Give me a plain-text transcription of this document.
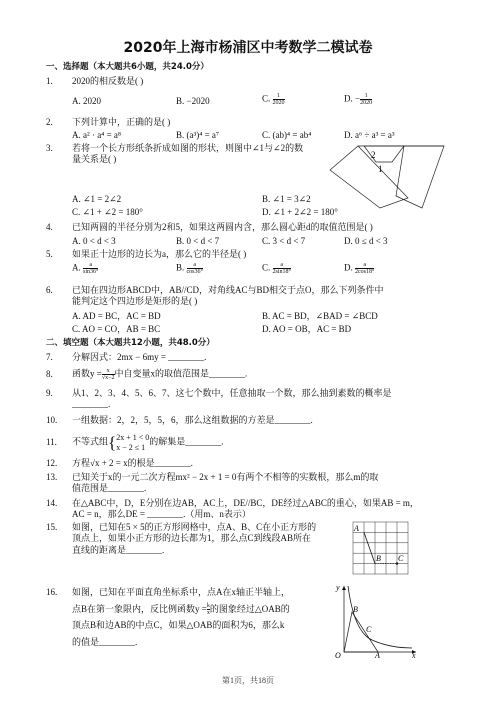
2020年上海市杨浦区中考数学二模试卷
一、选择题（本大题共6小题，共24.0分）
1. 2020的相反数是( )
A. 2020	B. −2020	C. $\frac{1}{2020}$	D. − $\frac{1}{2020}$
2. 下列计算中，正确的是( )
A. a² · a⁴ = a⁸	B. (a³)⁴ = a⁷	C. (ab)⁴ = ab⁴	D. a⁶ ÷ a³ = a³
3. 若将一个长方形纸条折成如图的形状，则图中∠1与∠2的数
量关系是( )	2
1
A. ∠1 = 2∠2	B. ∠1 = 3∠2
C. ∠1 + ∠2 = 180°	D. ∠1 + 2∠2 = 180°
4. 已知两圆的半径分别为2和5，如果这两圆内含，那么圆心距d的取值范围是( )
A. 0 < d < 3	B. 0 < d < 7	C. 3 < d < 7	D. 0 ≤ d < 3
5. 如果正十边形的边长为a，那么它的半径是( )
A. $\frac{a}{\sin 36^\circ}$	B. $\frac{a}{\cos 36^\circ}$	C. $\frac{a}{2\sin 18^\circ}$	D. $\frac{a}{2\cos 18^\circ}$
6. 已知在四边形ABCD中，AB//CD，对角线AC与BD相交于点O，那么下列条件中
能判定这个四边形是矩形的是( )
A. AD = BC，AC = BD	B. AC = BD，∠BAD = ∠BCD
C. AO = CO，AB = BC	D. AO = OB，AC = BD
二、填空题（本大题共12小题，共48.0分）
7. 分解因式：2mx − 6my = ________.
8. 函数$y = \frac{x}{√x-2}$ 中自变量x的取值范围是________.
9. 从1、2、3、4、5、6、7、这七个数中，任意抽取一个数，那么抽到素数的概率是
________.
10. 一组数据：2，2，5，5，6，那么这组数据的方差是________.
11. 不等式组{ 2x + 1 < 0
x − 2 ≤ 1
的解集是________.
12. 方程√x + 2 = x的根是________.
13. 已知关于x的一元二次方程mx² − 2x + 1 = 0有两个不相等的实数根，那么m的取
值范围是________.
14. 在△ABC中，D，E分别在边AB，AC上，DE//BC，DE经过△ABC的重心，如果AB = m，
AC = n，那么DE = ________.（用m、n表示）
15. 如图，已知在5 × 5的正方形网格中，点A、B、C在小正方形的
顶点上，如果小正方形的边长都为1，那么点C到线段AB所在
直线的距离是________.
A
B C
16. 如图，已知在平面直角坐标系中，点A在x轴正半轴上，
点B在第一象限内，反比例函数$y = \frac{k}{x}$ 的图象经过△OAB的
顶点B和边AB的中点C，如果△OAB的面积为6，那么k
的值是________.
y
x
O	A
B
C
第1页，共18页
